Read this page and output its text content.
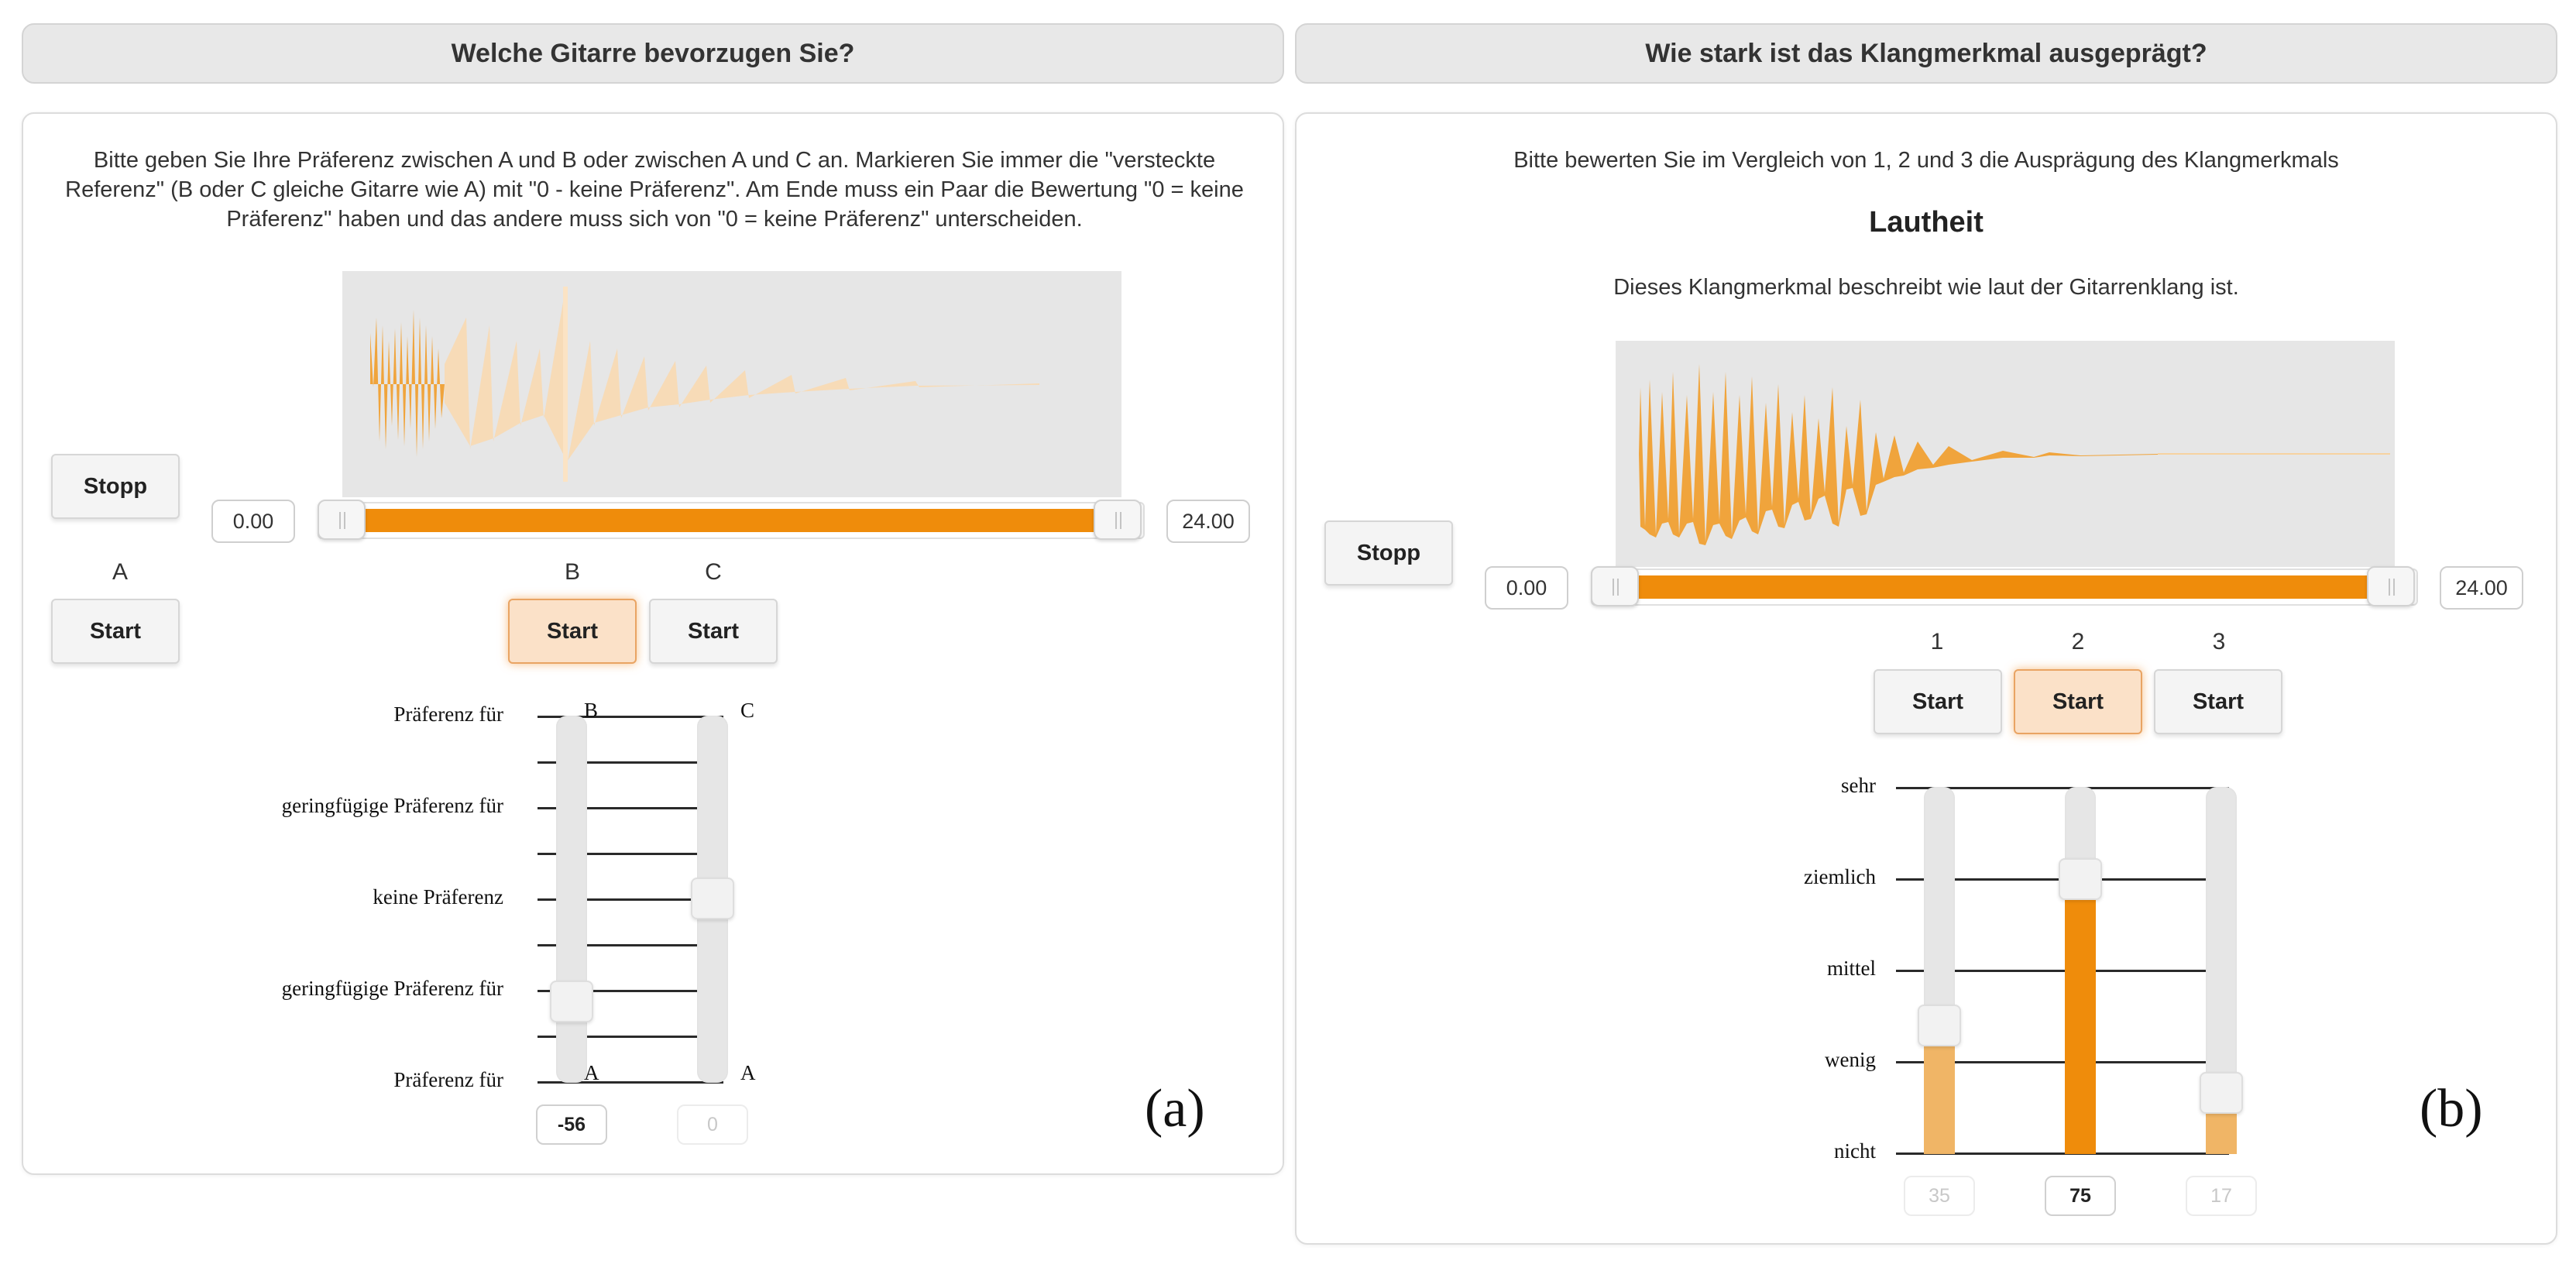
Welche Gitarre bevorzugen Sie?
Bitte geben Sie Ihre Präferenz zwischen A und B oder zwischen A und C an. Markieren Sie immer die "versteckte Referenz" (B oder C gleiche Gitarre wie A) mit "0 - keine Präferenz". Am Ende muss ein Paar die Bewertung "0 = keine Präferenz" haben und das andere muss sich von "0 = keine Präferenz" unterscheiden.
Stopp
0.00	24.00
A	B	C
Start	Start	Start
Präferenz für
geringfügige Präferenz für
keine Präferenz
geringfügige Präferenz für
Präferenz für
B	C
A	A
-56	0	(a)
Wie stark ist das Klangmerkmal ausgeprägt?
Bitte bewerten Sie im Vergleich von 1, 2 und 3 die Ausprägung des Klangmerkmals
Lautheit
Dieses Klangmerkmal beschreibt wie laut der Gitarrenklang ist.
Stopp
0.00	24.00
1	2	3
Start	Start	Start
sehr
ziemlich
mittel
wenig
nicht
35	75	17
(b)
